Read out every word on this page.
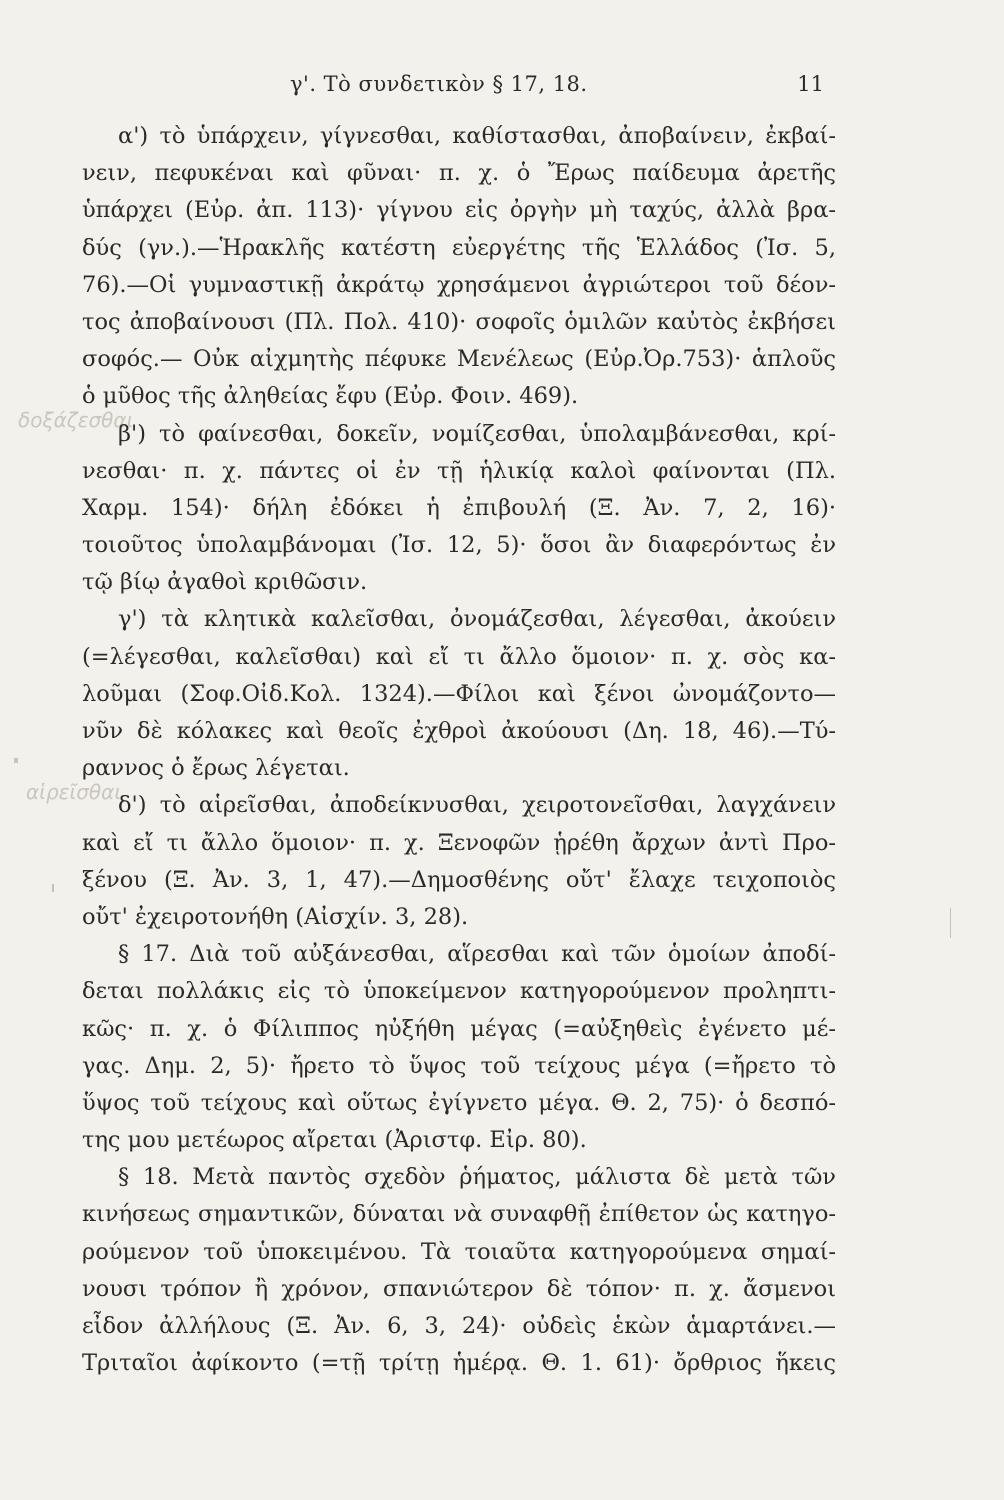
γ'. Τὸ συνδετικὸν § 17, 18.	11
δοξάζεσθαι
αἱρεῖσθαι
α') τὸ ὑπάρχειν, γίγνεσθαι, καθίστασθαι, ἀποβαίνειν, ἐκβαί-
νειν, πεφυκέναι καὶ φῦναι· π. χ. ὁ Ἔρως παίδευμα ἀρετῆς
ὑπάρχει (Εὐρ. ἀπ. 113)· γίγνου εἰς ὀργὴν μὴ ταχύς, ἀλλὰ βρα-
δύς (γν.).—Ἡρακλῆς κατέστη εὐεργέτης τῆς Ἑλλάδος (Ἰσ. 5,
76).—Οἱ γυμναστικῇ ἀκράτῳ χρησάμενοι ἀγριώτεροι τοῦ δέον-
τος ἀποβαίνουσι (Πλ. Πολ. 410)· σοφοῖς ὁμιλῶν καὐτὸς ἐκβήσει
σοφός.— Οὐκ αἰχμητὴς πέφυκε Μενέλεως (Εὐρ.Ὀρ.753)· ἁπλοῦς
ὁ μῦθος τῆς ἀληθείας ἔφυ (Εὐρ. Φοιν. 469).
β') τὸ φαίνεσθαι, δοκεῖν, νομίζεσθαι, ὑπολαμβάνεσθαι, κρί-
νεσθαι· π. χ. πάντες οἱ ἐν τῇ ἡλικίᾳ καλοὶ φαίνονται (Πλ.
Χαρμ. 154)· δήλη ἐδόκει ἡ ἐπιβουλή (Ξ. Ἀν. 7, 2, 16)·
τοιοῦτος ὑπολαμβάνομαι (Ἰσ. 12, 5)· ὅσοι ἂν διαφερόντως ἐν
τῷ βίῳ ἀγαθοὶ κριθῶσιν.
γ') τὰ κλητικὰ καλεῖσθαι, ὀνομάζεσθαι, λέγεσθαι, ἀκούειν
(=λέγεσθαι, καλεῖσθαι) καὶ εἴ τι ἄλλο ὅμοιον· π. χ. σὸς κα-
λοῦμαι (Σοφ.Οἰδ.Κολ. 1324).—Φίλοι καὶ ξένοι ὠνομάζοντο—
νῦν δὲ κόλακες καὶ θεοῖς ἐχθροὶ ἀκούουσι (Δη. 18, 46).—Τύ-
ραννος ὁ ἔρως λέγεται.
δ') τὸ αἱρεῖσθαι, ἀποδείκνυσθαι, χειροτονεῖσθαι, λαγχάνειν
καὶ εἴ τι ἄλλο ὅμοιον· π. χ. Ξενοφῶν ᾑρέθη ἄρχων ἀντὶ Προ-
ξένου (Ξ. Ἀν. 3, 1, 47).—Δημοσθένης οὔτ' ἔλαχε τειχοποιὸς
οὔτ' ἐχειροτονήθη (Αἰσχίν. 3, 28).
§ 17. Διὰ τοῦ αὐξάνεσθαι, αἵρεσθαι καὶ τῶν ὁμοίων ἀποδί-
δεται πολλάκις εἰς τὸ ὑποκείμενον κατηγορούμενον προληπτι-
κῶς· π. χ. ὁ Φίλιππος ηὐξήθη μέγας (=αὐξηθεὶς ἐγένετο μέ-
γας. Δημ. 2, 5)· ἤρετο τὸ ὕψος τοῦ τείχους μέγα (=ἤρετο τὸ
ὕψος τοῦ τείχους καὶ οὕτως ἐγίγνετο μέγα. Θ. 2, 75)· ὁ δεσπό-
της μου μετέωρος αἴρεται (Ἀριστφ. Εἰρ. 80).
§ 18. Μετὰ παντὸς σχεδὸν ῥήματος, μάλιστα δὲ μετὰ τῶν
κινήσεως σημαντικῶν, δύναται νὰ συναφθῇ ἐπίθετον ὡς κατηγο-
ρούμενον τοῦ ὑποκειμένου. Τὰ τοιαῦτα κατηγορούμενα σημαί-
νουσι τρόπον ἢ χρόνον, σπανιώτερον δὲ τόπον· π. χ. ἄσμενοι
εἶδον ἀλλήλους (Ξ. Ἀν. 6, 3, 24)· οὐδεὶς ἑκὼν ἁμαρτάνει.—
Τριταῖοι ἀφίκοντο (=τῇ τρίτῃ ἡμέρᾳ. Θ. 1. 61)· ὄρθριος ἥκεις
